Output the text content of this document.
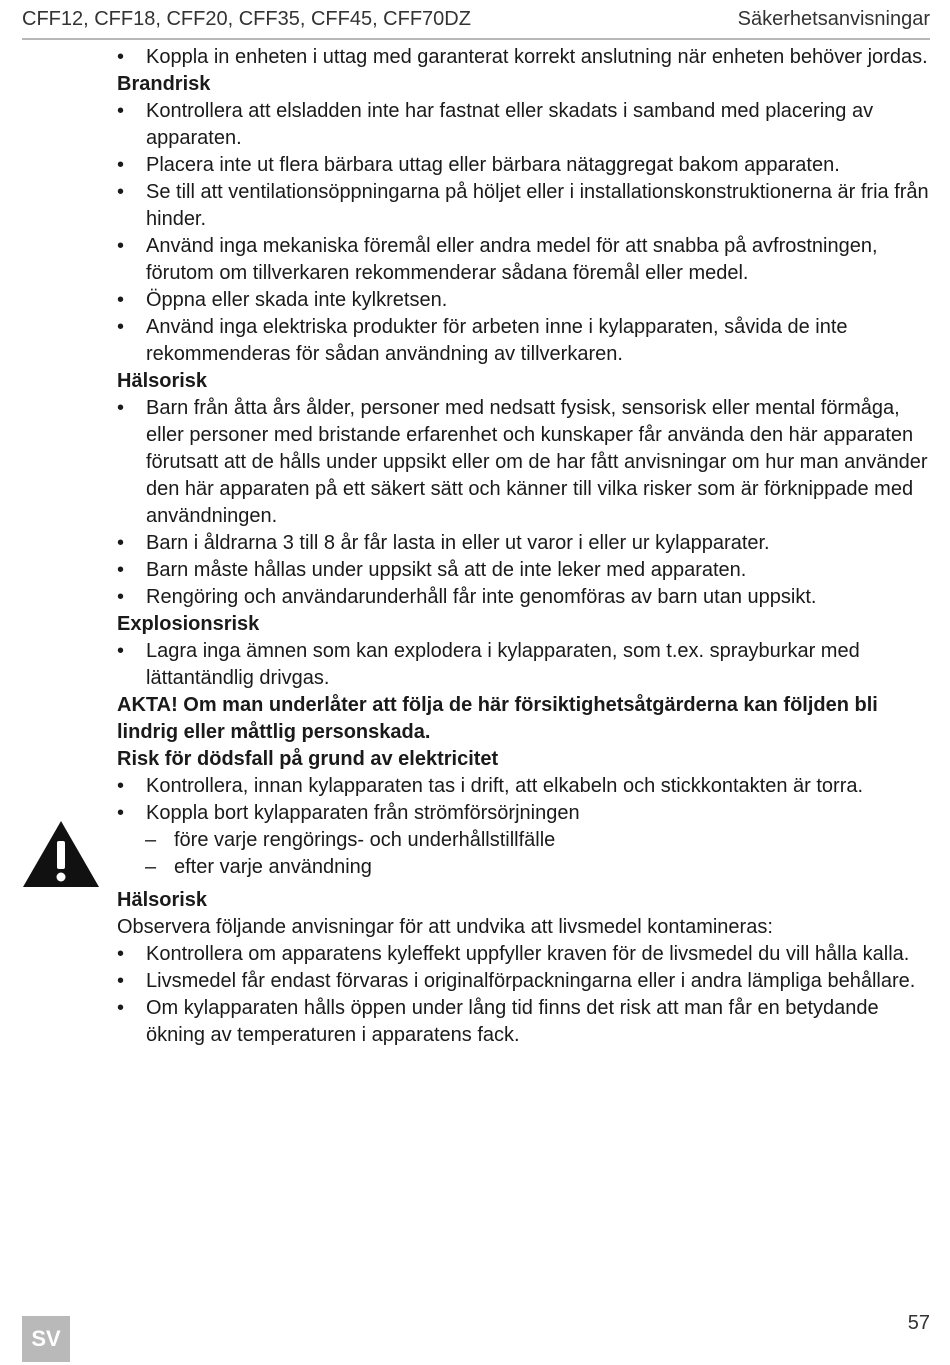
CFF12, CFF18, CFF20, CFF35, CFF45, CFF70DZ	Säkerhetsanvisningar

• Koppla in enheten i uttag med garanterat korrekt anslutning när enheten behöver jordas.

Brandrisk

• Kontrollera att elsladden inte har fastnat eller skadats i samband med placering av apparaten.

• Placera inte ut flera bärbara uttag eller bärbara nätaggregat bakom apparaten.

• Se till att ventilationsöppningarna på höljet eller i installationskonstruktionerna är fria från hinder.

• Använd inga mekaniska föremål eller andra medel för att snabba på avfrostningen, förutom om tillverkaren rekommenderar sådana föremål eller medel.

• Öppna eller skada inte kylkretsen.

• Använd inga elektriska produkter för arbeten inne i kylapparaten, såvida de inte rekommenderas för sådan användning av tillverkaren.

Hälsorisk

• Barn från åtta års ålder, personer med nedsatt fysisk, sensorisk eller mental förmåga, eller personer med bristande erfarenhet och kunskaper får använda den här apparaten förutsatt att de hålls under uppsikt eller om de har fått anvisningar om hur man använder den här apparaten på ett säkert sätt och känner till vilka risker som är förknippade med användningen.

• Barn i åldrarna 3 till 8 år får lasta in eller ut varor i eller ur kylapparater.

• Barn måste hållas under uppsikt så att de inte leker med apparaten.

• Rengöring och användarunderhåll får inte genomföras av barn utan uppsikt.

Explosionsrisk

• Lagra inga ämnen som kan explodera i kylapparaten, som t.ex. sprayburkar med lättantändlig drivgas.

AKTA! Om man underlåter att följa de här försiktighetsåtgärderna kan följden bli lindrig eller måttlig personskada.

Risk för dödsfall på grund av elektricitet

• Kontrollera, innan kylapparaten tas i drift, att elkabeln och stickkontakten är torra.

• Koppla bort kylapparaten från strömförsörjningen

– före varje rengörings- och underhållstillfälle

– efter varje användning

Hälsorisk

Observera följande anvisningar för att undvika att livsmedel kontamineras:

• Kontrollera om apparatens kyleffekt uppfyller kraven för de livsmedel du vill hålla kalla.

• Livsmedel får endast förvaras i originalförpackningarna eller i andra lämpliga behållare.

• Om kylapparaten hålls öppen under lång tid finns det risk att man får en betydande ökning av temperaturen i apparatens fack.

SV
57
